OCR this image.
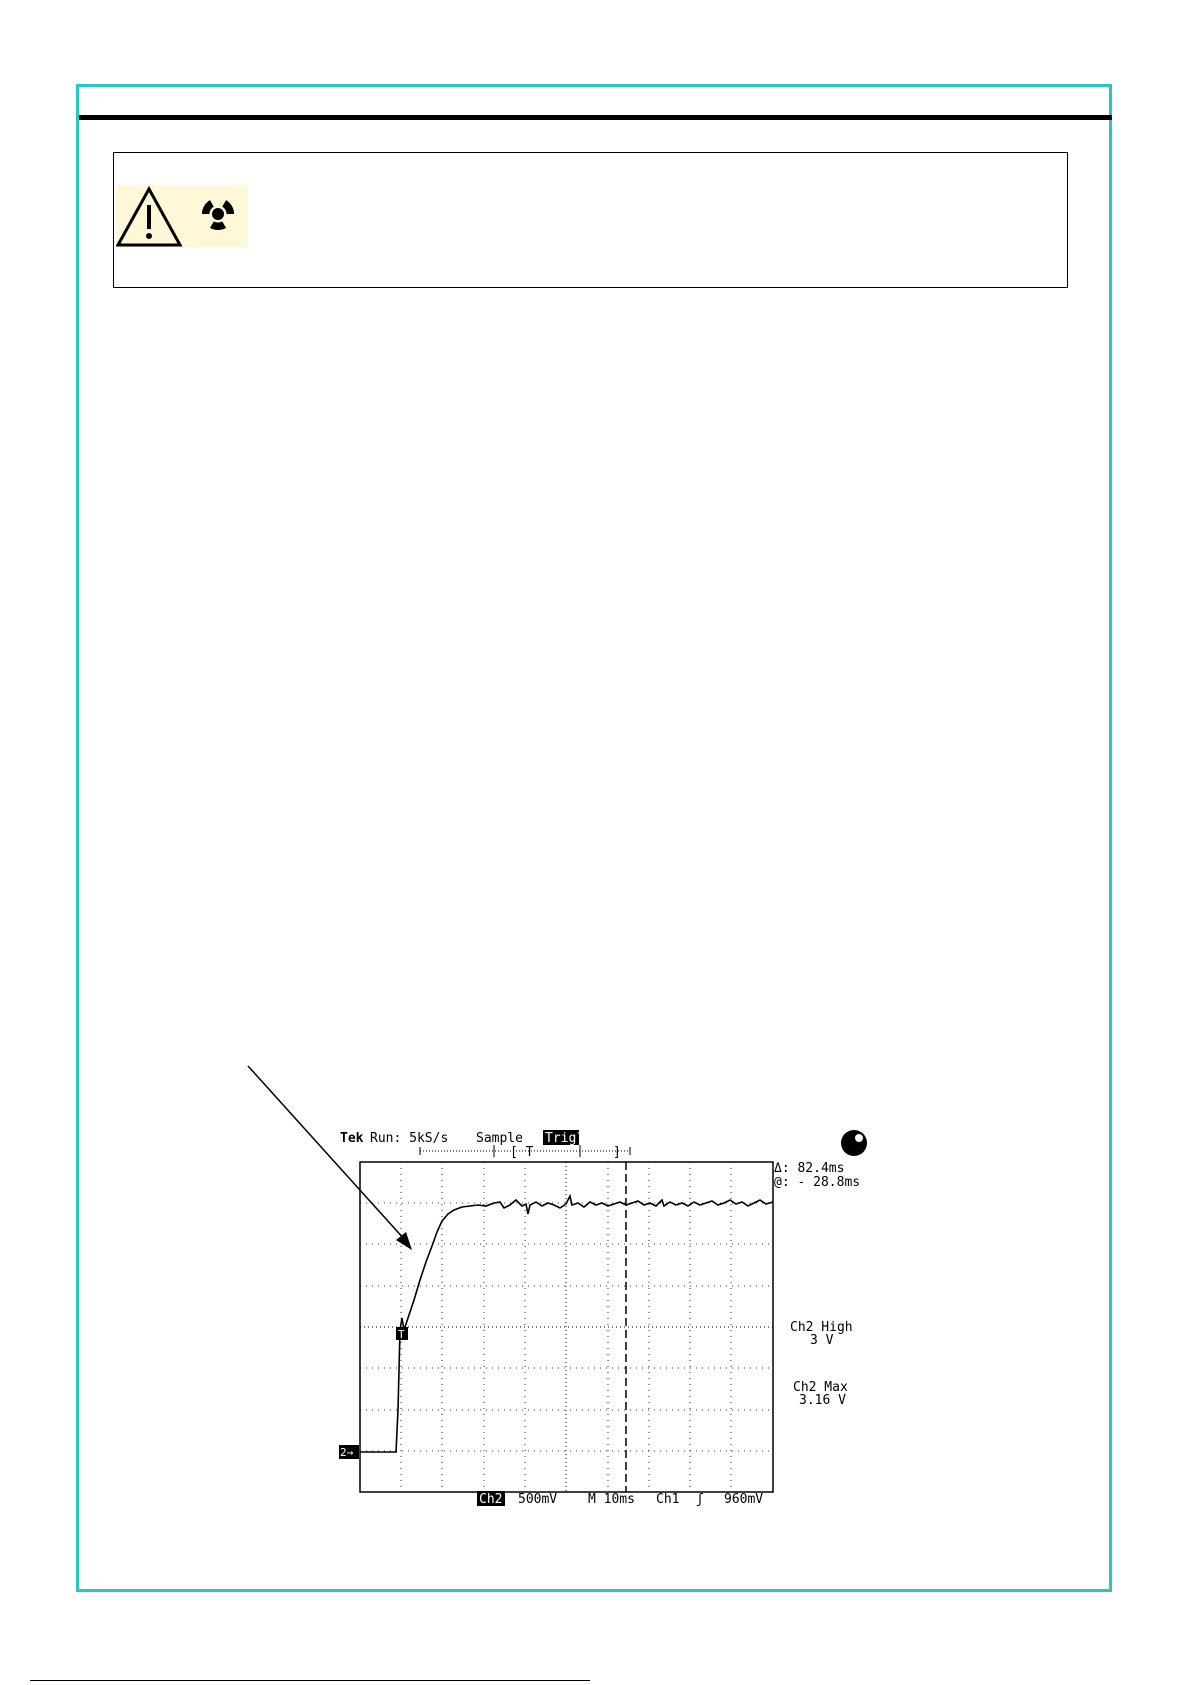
Tek Run: 5kS/s Sample Trig?
[ T	]
Δ: 82.4ms
@: - 28.8ms
Ch2 High
3 V
Ch2 Max
3.16 V
2→
T
Ch2 500mV M 10ms Ch1 ʃ 960mV
